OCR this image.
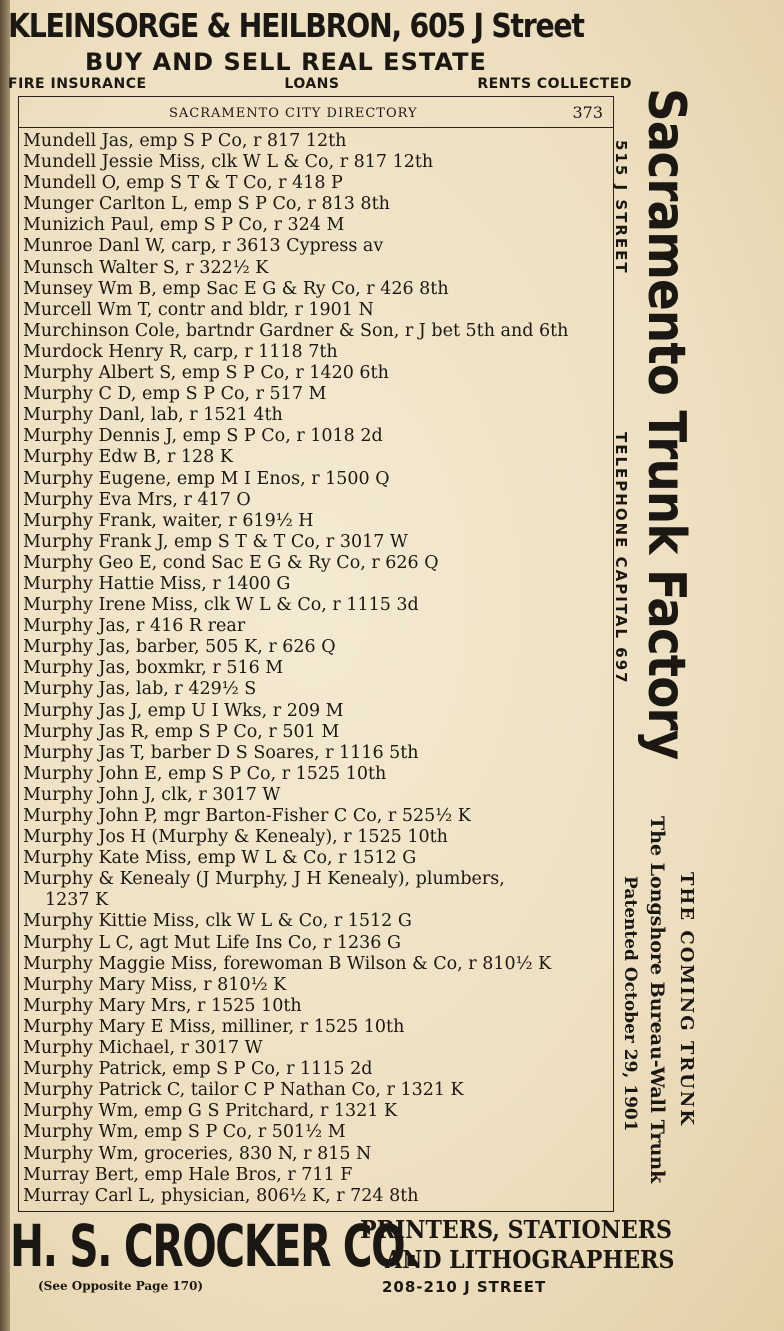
KLEINSORGE & HEILBRON, 605 J Street
BUY AND SELL REAL ESTATE
FIRE INSURANCE	LOANS	RENTS COLLECTED
SACRAMENTO CITY DIRECTORY	373
Mundell Jas, emp S P Co, r 817 12th
Mundell Jessie Miss, clk W L & Co, r 817 12th
Mundell O, emp S T & T Co, r 418 P
Munger Carlton L, emp S P Co, r 813 8th
Munizich Paul, emp S P Co, r 324 M
Munroe Danl W, carp, r 3613 Cypress av
Munsch Walter S, r 322½ K
Munsey Wm B, emp Sac E G & Ry Co, r 426 8th
Murcell Wm T, contr and bldr, r 1901 N
Murchinson Cole, bartndr Gardner & Son, r J bet 5th and 6th
Murdock Henry R, carp, r 1118 7th
Murphy Albert S, emp S P Co, r 1420 6th
Murphy C D, emp S P Co, r 517 M
Murphy Danl, lab, r 1521 4th
Murphy Dennis J, emp S P Co, r 1018 2d
Murphy Edw B, r 128 K
Murphy Eugene, emp M I Enos, r 1500 Q
Murphy Eva Mrs, r 417 O
Murphy Frank, waiter, r 619½ H
Murphy Frank J, emp S T & T Co, r 3017 W
Murphy Geo E, cond Sac E G & Ry Co, r 626 Q
Murphy Hattie Miss, r 1400 G
Murphy Irene Miss, clk W L & Co, r 1115 3d
Murphy Jas, r 416 R rear
Murphy Jas, barber, 505 K, r 626 Q
Murphy Jas, boxmkr, r 516 M
Murphy Jas, lab, r 429½ S
Murphy Jas J, emp U I Wks, r 209 M
Murphy Jas R, emp S P Co, r 501 M
Murphy Jas T, barber D S Soares, r 1116 5th
Murphy John E, emp S P Co, r 1525 10th
Murphy John J, clk, r 3017 W
Murphy John P, mgr Barton-Fisher C Co, r 525½ K
Murphy Jos H (Murphy & Kenealy), r 1525 10th
Murphy Kate Miss, emp W L & Co, r 1512 G
Murphy & Kenealy (J Murphy, J H Kenealy), plumbers,
1237 K
Murphy Kittie Miss, clk W L & Co, r 1512 G
Murphy L C, agt Mut Life Ins Co, r 1236 G
Murphy Maggie Miss, forewoman B Wilson & Co, r 810½ K
Murphy Mary Miss, r 810½ K
Murphy Mary Mrs, r 1525 10th
Murphy Mary E Miss, milliner, r 1525 10th
Murphy Michael, r 3017 W
Murphy Patrick, emp S P Co, r 1115 2d
Murphy Patrick C, tailor C P Nathan Co, r 1321 K
Murphy Wm, emp G S Pritchard, r 1321 K
Murphy Wm, emp S P Co, r 501½ M
Murphy Wm, groceries, 830 N, r 815 N
Murray Bert, emp Hale Bros, r 711 F
Murray Carl L, physician, 806½ K, r 724 8th
Sacramento Trunk Factory
515 J STREET
TELEPHONE CAPITAL 697
THE COMING TRUNK
The Longshore Bureau-Wall Trunk
Patented October 29, 1901
H. S. CROCKER CO.
PRINTERS, STATIONERS
AND LITHOGRAPHERS
(See Opposite Page 170)	208-210 J STREET
